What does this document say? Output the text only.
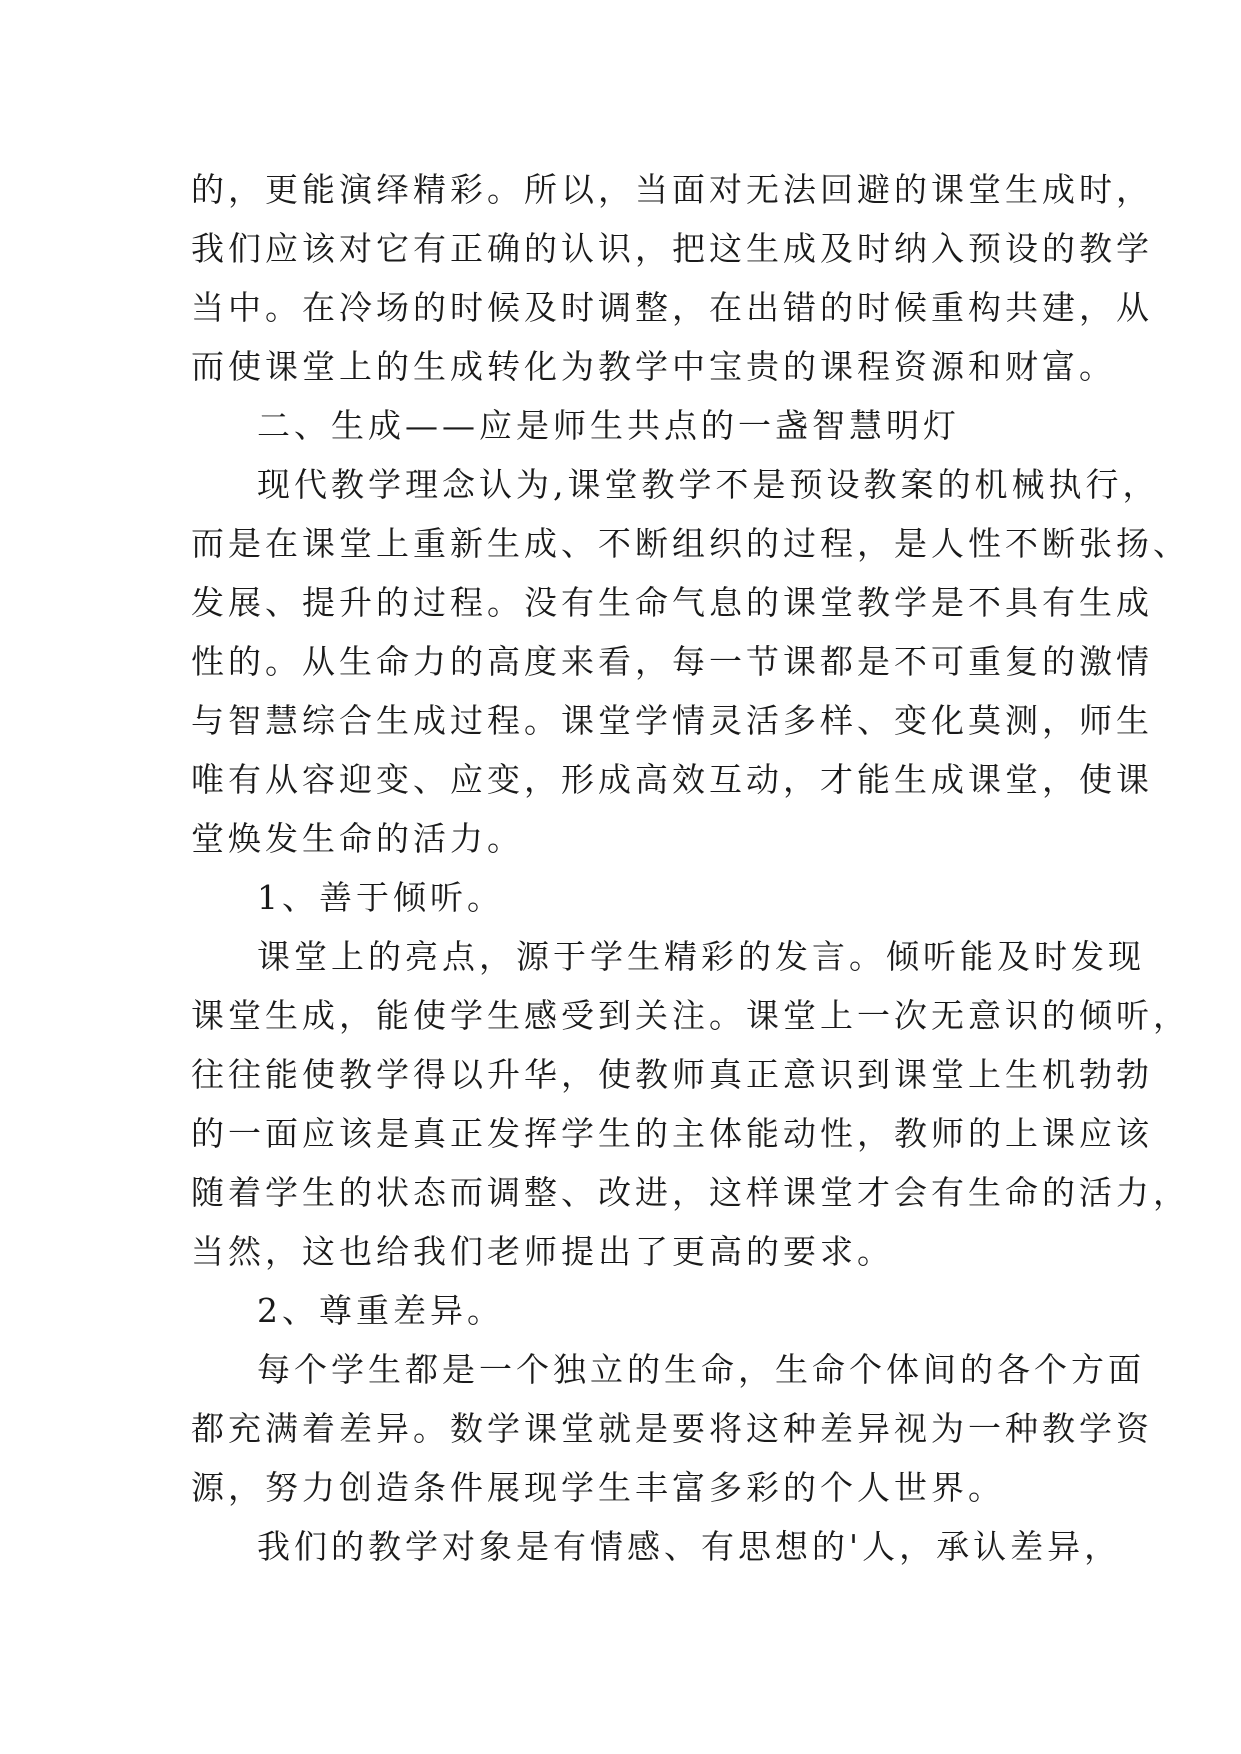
的，更能演绎精彩。所以，当面对无法回避的课堂生成时，
我们应该对它有正确的认识，把这生成及时纳入预设的教学
当中。在冷场的时候及时调整，在出错的时候重构共建，从
而使课堂上的生成转化为教学中宝贵的课程资源和财富。
二、生成——应是师生共点的一盏智慧明灯
现代教学理念认为,课堂教学不是预设教案的机械执行，
而是在课堂上重新生成、不断组织的过程，是人性不断张扬、
发展、提升的过程。没有生命气息的课堂教学是不具有生成
性的。从生命力的高度来看，每一节课都是不可重复的激情
与智慧综合生成过程。课堂学情灵活多样、变化莫测，师生
唯有从容迎变、应变，形成高效互动，才能生成课堂，使课
堂焕发生命的活力。
1、善于倾听。
课堂上的亮点，源于学生精彩的发言。倾听能及时发现
课堂生成，能使学生感受到关注。课堂上一次无意识的倾听，
往往能使教学得以升华，使教师真正意识到课堂上生机勃勃
的一面应该是真正发挥学生的主体能动性，教师的上课应该
随着学生的状态而调整、改进，这样课堂才会有生命的活力，
当然，这也给我们老师提出了更高的要求。
2、尊重差异。
每个学生都是一个独立的生命，生命个体间的各个方面
都充满着差异。数学课堂就是要将这种差异视为一种教学资
源，努力创造条件展现学生丰富多彩的个人世界。
我们的教学对象是有情感、有思想的'人，承认差异，
